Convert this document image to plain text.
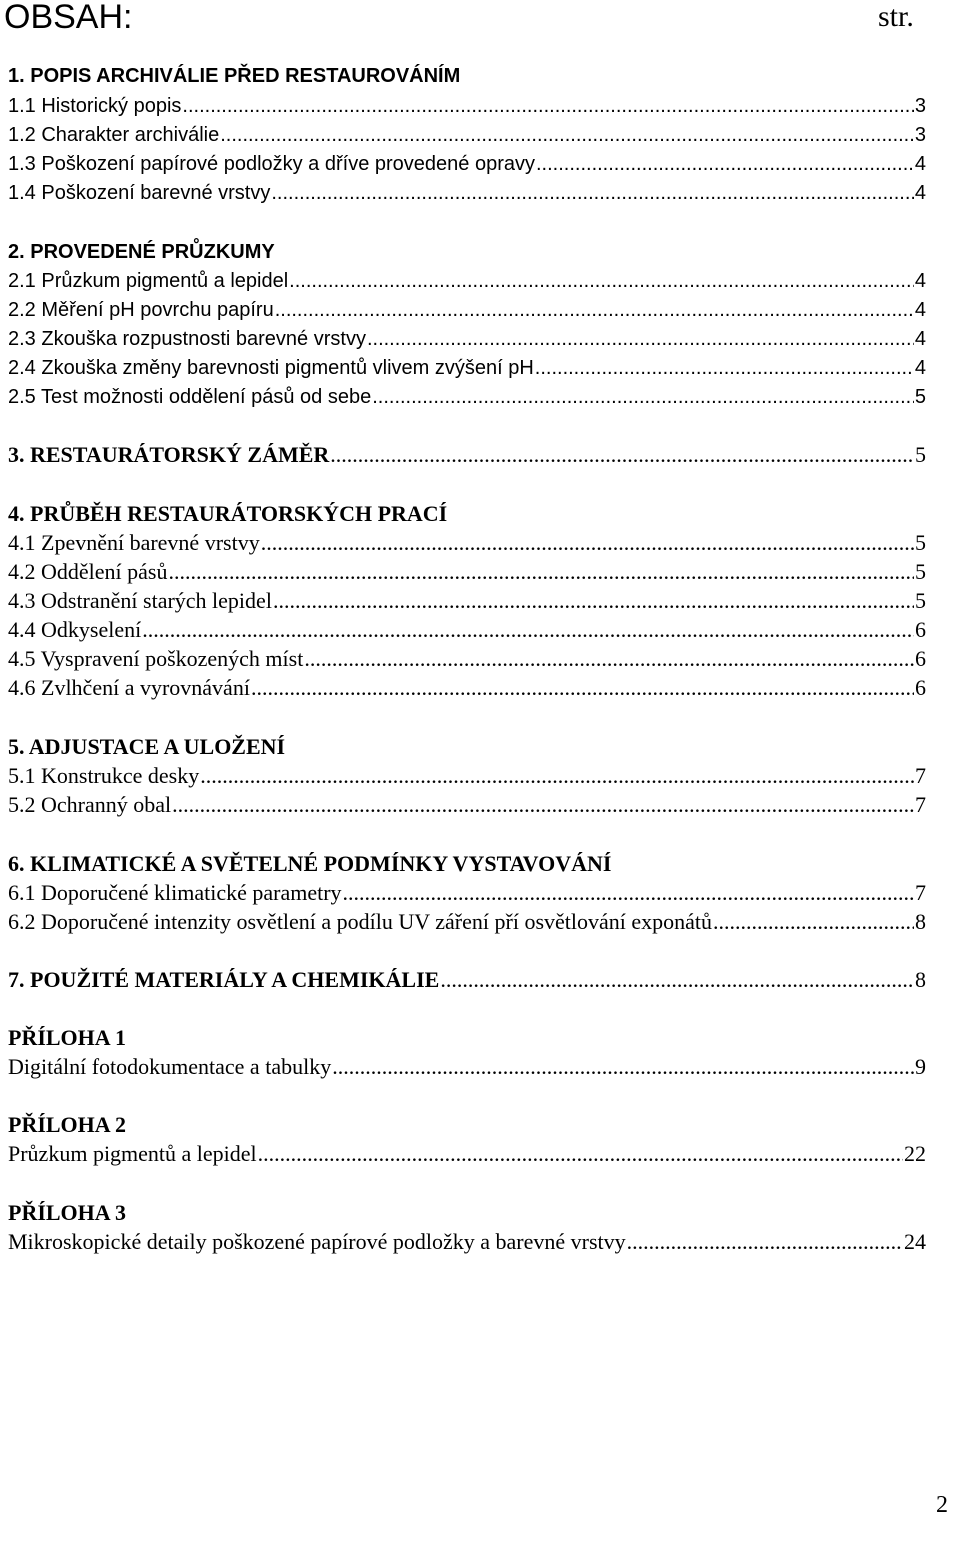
OBSAH:	str.
1. POPIS ARCHIVÁLIE PŘED RESTAUROVÁNÍM
1.1 Historický popis .....	3
1.2 Charakter archiválie .....	3
1.3 Poškození papírové podložky a dříve provedené opravy .....	4
1.4 Poškození barevné vrstvy .....	4
2. PROVEDENÉ PRŮZKUMY
2.1 Průzkum pigmentů a lepidel .....	4
2.2 Měření pH povrchu papíru .....	4
2.3 Zkouška rozpustnosti barevné vrstvy .....	4
2.4 Zkouška změny barevnosti pigmentů vlivem zvýšení pH .....	4
2.5 Test možnosti oddělení pásů od sebe .....	5
3. RESTAURÁTORSKÝ ZÁMĚR .....	5
4. PRŮBĚH RESTAURÁTORSKÝCH PRACÍ
4.1 Zpevnění barevné vrstvy .....	5
4.2 Oddělení pásů .....	5
4.3 Odstranění starých lepidel .....	5
4.4 Odkyselení .....	6
4.5 Vyspravení poškozených míst .....	6
4.6 Zvlhčení a vyrovnávání .....	6
5. ADJUSTACE A ULOŽENÍ
5.1 Konstrukce desky .....	7
5.2 Ochranný obal .....	7
6. KLIMATICKÉ A SVĚTELNÉ PODMÍNKY VYSTAVOVÁNÍ
6.1 Doporučené klimatické parametry .....	7
6.2 Doporučené intenzity osvětlení a podílu UV záření pří osvětlování exponátů .....	8
7. POUŽITÉ MATERIÁLY A CHEMIKÁLIE .....	8
PŘÍLOHA 1
Digitální fotodokumentace a tabulky .....	9
PŘÍLOHA 2
Průzkum pigmentů a lepidel .....	22
PŘÍLOHA 3
Mikroskopické detaily poškozené papírové podložky a barevné vrstvy .....	24
2
